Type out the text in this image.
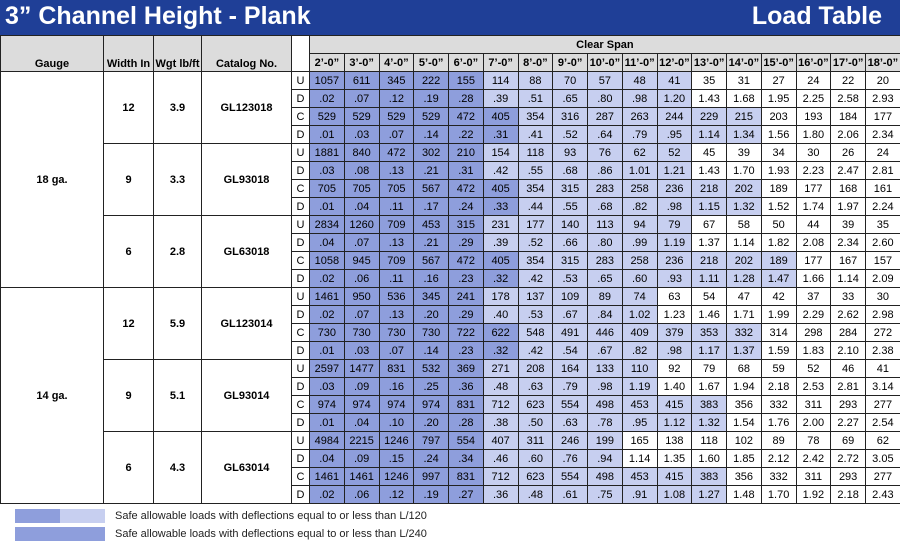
3” Channel Height - Plank	Load Table
Gauge	Width In	Wgt lb/ft	Catalog No.		Clear Span																
					2’-0”	3’-0”	4’-0”	5’-0”	6’-0”	7’-0”	8’-0”	9’-0”	10’-0”	11’-0”	12’-0”	13’-0”	14’-0”	15’-0”	16’-0”	17’-0”	18’-0”
18 ga.	12	3.9	GL123018	U	1057	611	345	222	155	114	88	70	57	48	41	35	31	27	24	22	20
				D	.02	.07	.12	.19	.28	.39	.51	.65	.80	.98	1.20	1.43	1.68	1.95	2.25	2.58	2.93
				C	529	529	529	529	472	405	354	316	287	263	244	229	215	203	193	184	177
				D	.01	.03	.07	.14	.22	.31	.41	.52	.64	.79	.95	1.14	1.34	1.56	1.80	2.06	2.34
	9	3.3	GL93018	U	1881	840	472	302	210	154	118	93	76	62	52	45	39	34	30	26	24
				D	.03	.08	.13	.21	.31	.42	.55	.68	.86	1.01	1.21	1.43	1.70	1.93	2.23	2.47	2.81
				C	705	705	705	567	472	405	354	315	283	258	236	218	202	189	177	168	161
				D	.01	.04	.11	.17	.24	.33	.44	.55	.68	.82	.98	1.15	1.32	1.52	1.74	1.97	2.24
	6	2.8	GL63018	U	2834	1260	709	453	315	231	177	140	113	94	79	67	58	50	44	39	35
				D	.04	.07	.13	.21	.29	.39	.52	.66	.80	.99	1.19	1.37	1.14	1.82	2.08	2.34	2.60
				C	1058	945	709	567	472	405	354	315	283	258	236	218	202	189	177	167	157
				D	.02	.06	.11	.16	.23	.32	.42	.53	.65	.60	.93	1.11	1.28	1.47	1.66	1.14	2.09
14 ga.	12	5.9	GL123014	U	1461	950	536	345	241	178	137	109	89	74	63	54	47	42	37	33	30
				D	.02	.07	.13	.20	.29	.40	.53	.67	.84	1.02	1.23	1.46	1.71	1.99	2.29	2.62	2.98
				C	730	730	730	730	722	622	548	491	446	409	379	353	332	314	298	284	272
				D	.01	.03	.07	.14	.23	.32	.42	.54	.67	.82	.98	1.17	1.37	1.59	1.83	2.10	2.38
	9	5.1	GL93014	U	2597	1477	831	532	369	271	208	164	133	110	92	79	68	59	52	46	41
				D	.03	.09	.16	.25	.36	.48	.63	.79	.98	1.19	1.40	1.67	1.94	2.18	2.53	2.81	3.14
				C	974	974	974	974	831	712	623	554	498	453	415	383	356	332	311	293	277
				D	.01	.04	.10	.20	.28	.38	.50	.63	.78	.95	1.12	1.32	1.54	1.76	2.00	2.27	2.54
	6	4.3	GL63014	U	4984	2215	1246	797	554	407	311	246	199	165	138	118	102	89	78	69	62
				D	.04	.09	.15	.24	.34	.46	.60	.76	.94	1.14	1.35	1.60	1.85	2.12	2.42	2.72	3.05
				C	1461	1461	1246	997	831	712	623	554	498	453	415	383	356	332	311	293	277
				D	.02	.06	.12	.19	.27	.36	.48	.61	.75	.91	1.08	1.27	1.48	1.70	1.92	2.18	2.43
Safe allowable loads with deflections equal to or less than L/120
Safe allowable loads with deflections equal to or less than L/240
